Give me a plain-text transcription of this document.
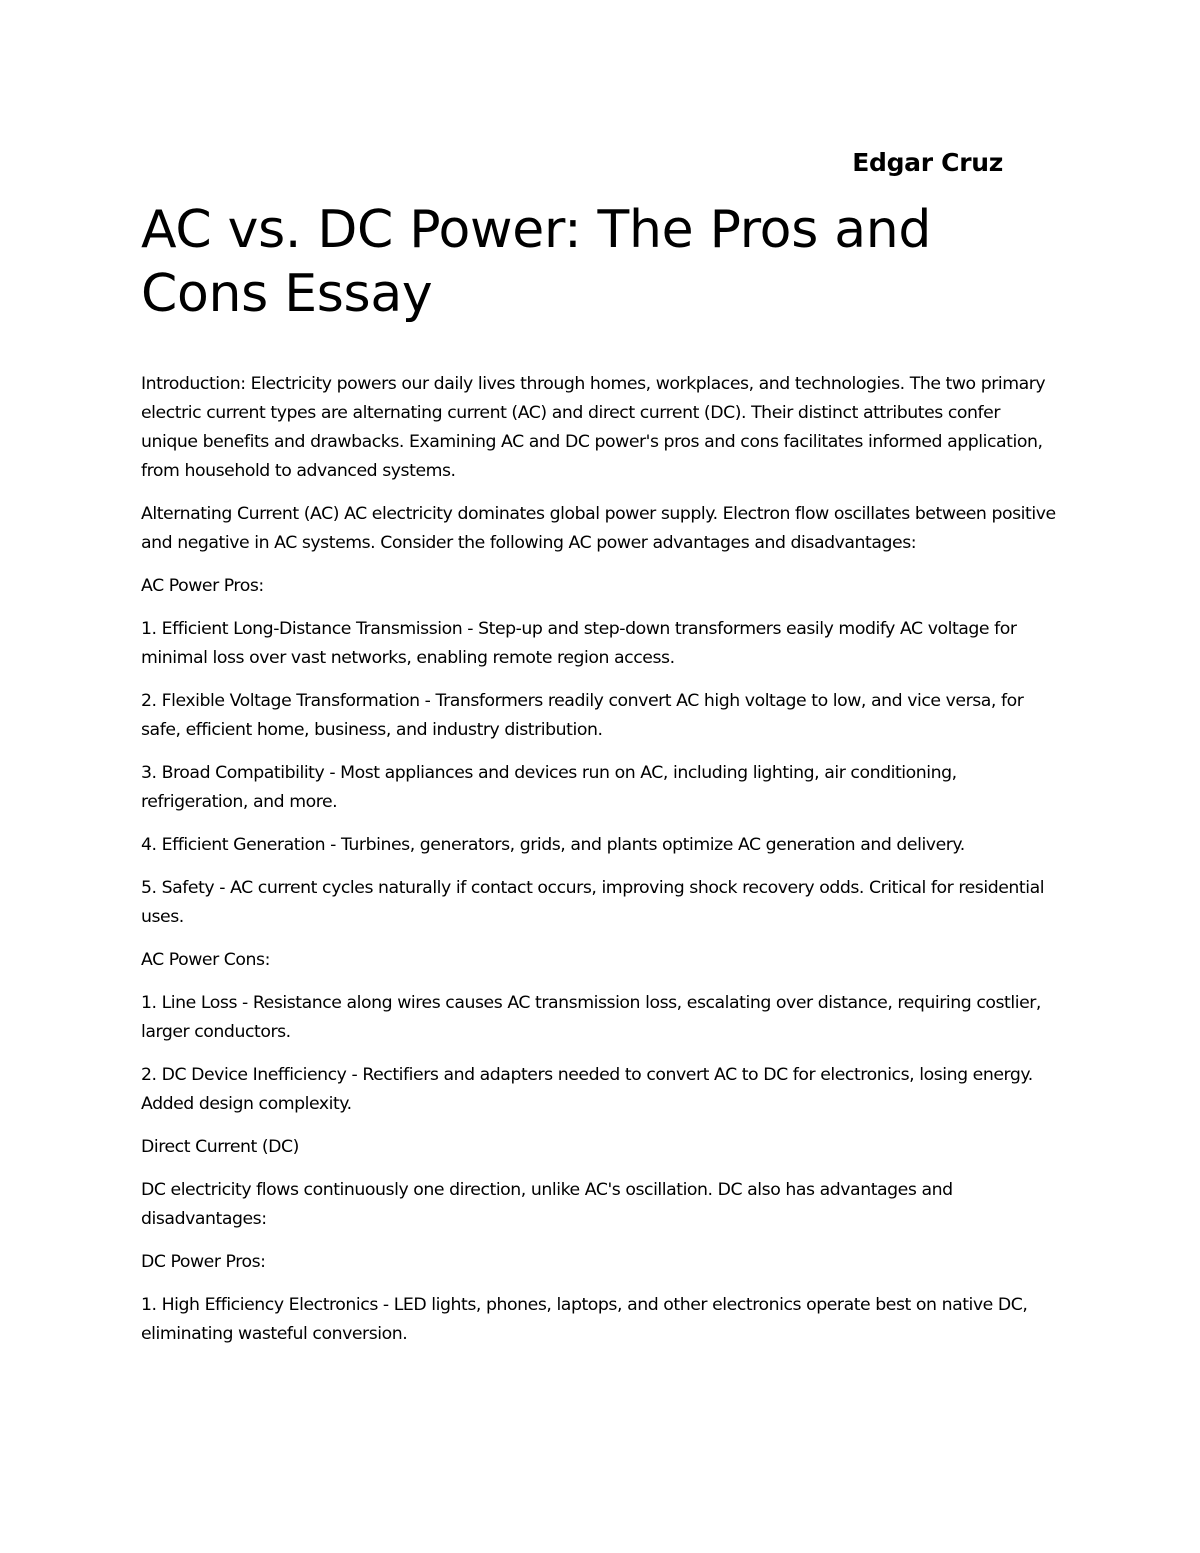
Edgar Cruz
AC vs. DC Power: The Pros and Cons Essay

Introduction: Electricity powers our daily lives through homes, workplaces, and technologies. The two primary electric current types are alternating current (AC) and direct current (DC). Their distinct attributes confer unique benefits and drawbacks. Examining AC and DC power's pros and cons facilitates informed application, from household to advanced systems.

Alternating Current (AC) AC electricity dominates global power supply. Electron flow oscillates between positive and negative in AC systems. Consider the following AC power advantages and disadvantages:

AC Power Pros:

1. Efficient Long-Distance Transmission - Step-up and step-down transformers easily modify AC voltage for minimal loss over vast networks, enabling remote region access.

2. Flexible Voltage Transformation - Transformers readily convert AC high voltage to low, and vice versa, for safe, efficient home, business, and industry distribution.

3. Broad Compatibility - Most appliances and devices run on AC, including lighting, air conditioning, refrigeration, and more.

4. Efficient Generation - Turbines, generators, grids, and plants optimize AC generation and delivery.

5. Safety - AC current cycles naturally if contact occurs, improving shock recovery odds. Critical for residential uses.

AC Power Cons:

1. Line Loss - Resistance along wires causes AC transmission loss, escalating over distance, requiring costlier, larger conductors.

2. DC Device Inefficiency - Rectifiers and adapters needed to convert AC to DC for electronics, losing energy. Added design complexity.

Direct Current (DC)

DC electricity flows continuously one direction, unlike AC's oscillation. DC also has advantages and disadvantages:

DC Power Pros:

1. High Efficiency Electronics - LED lights, phones, laptops, and other electronics operate best on native DC, eliminating wasteful conversion.
